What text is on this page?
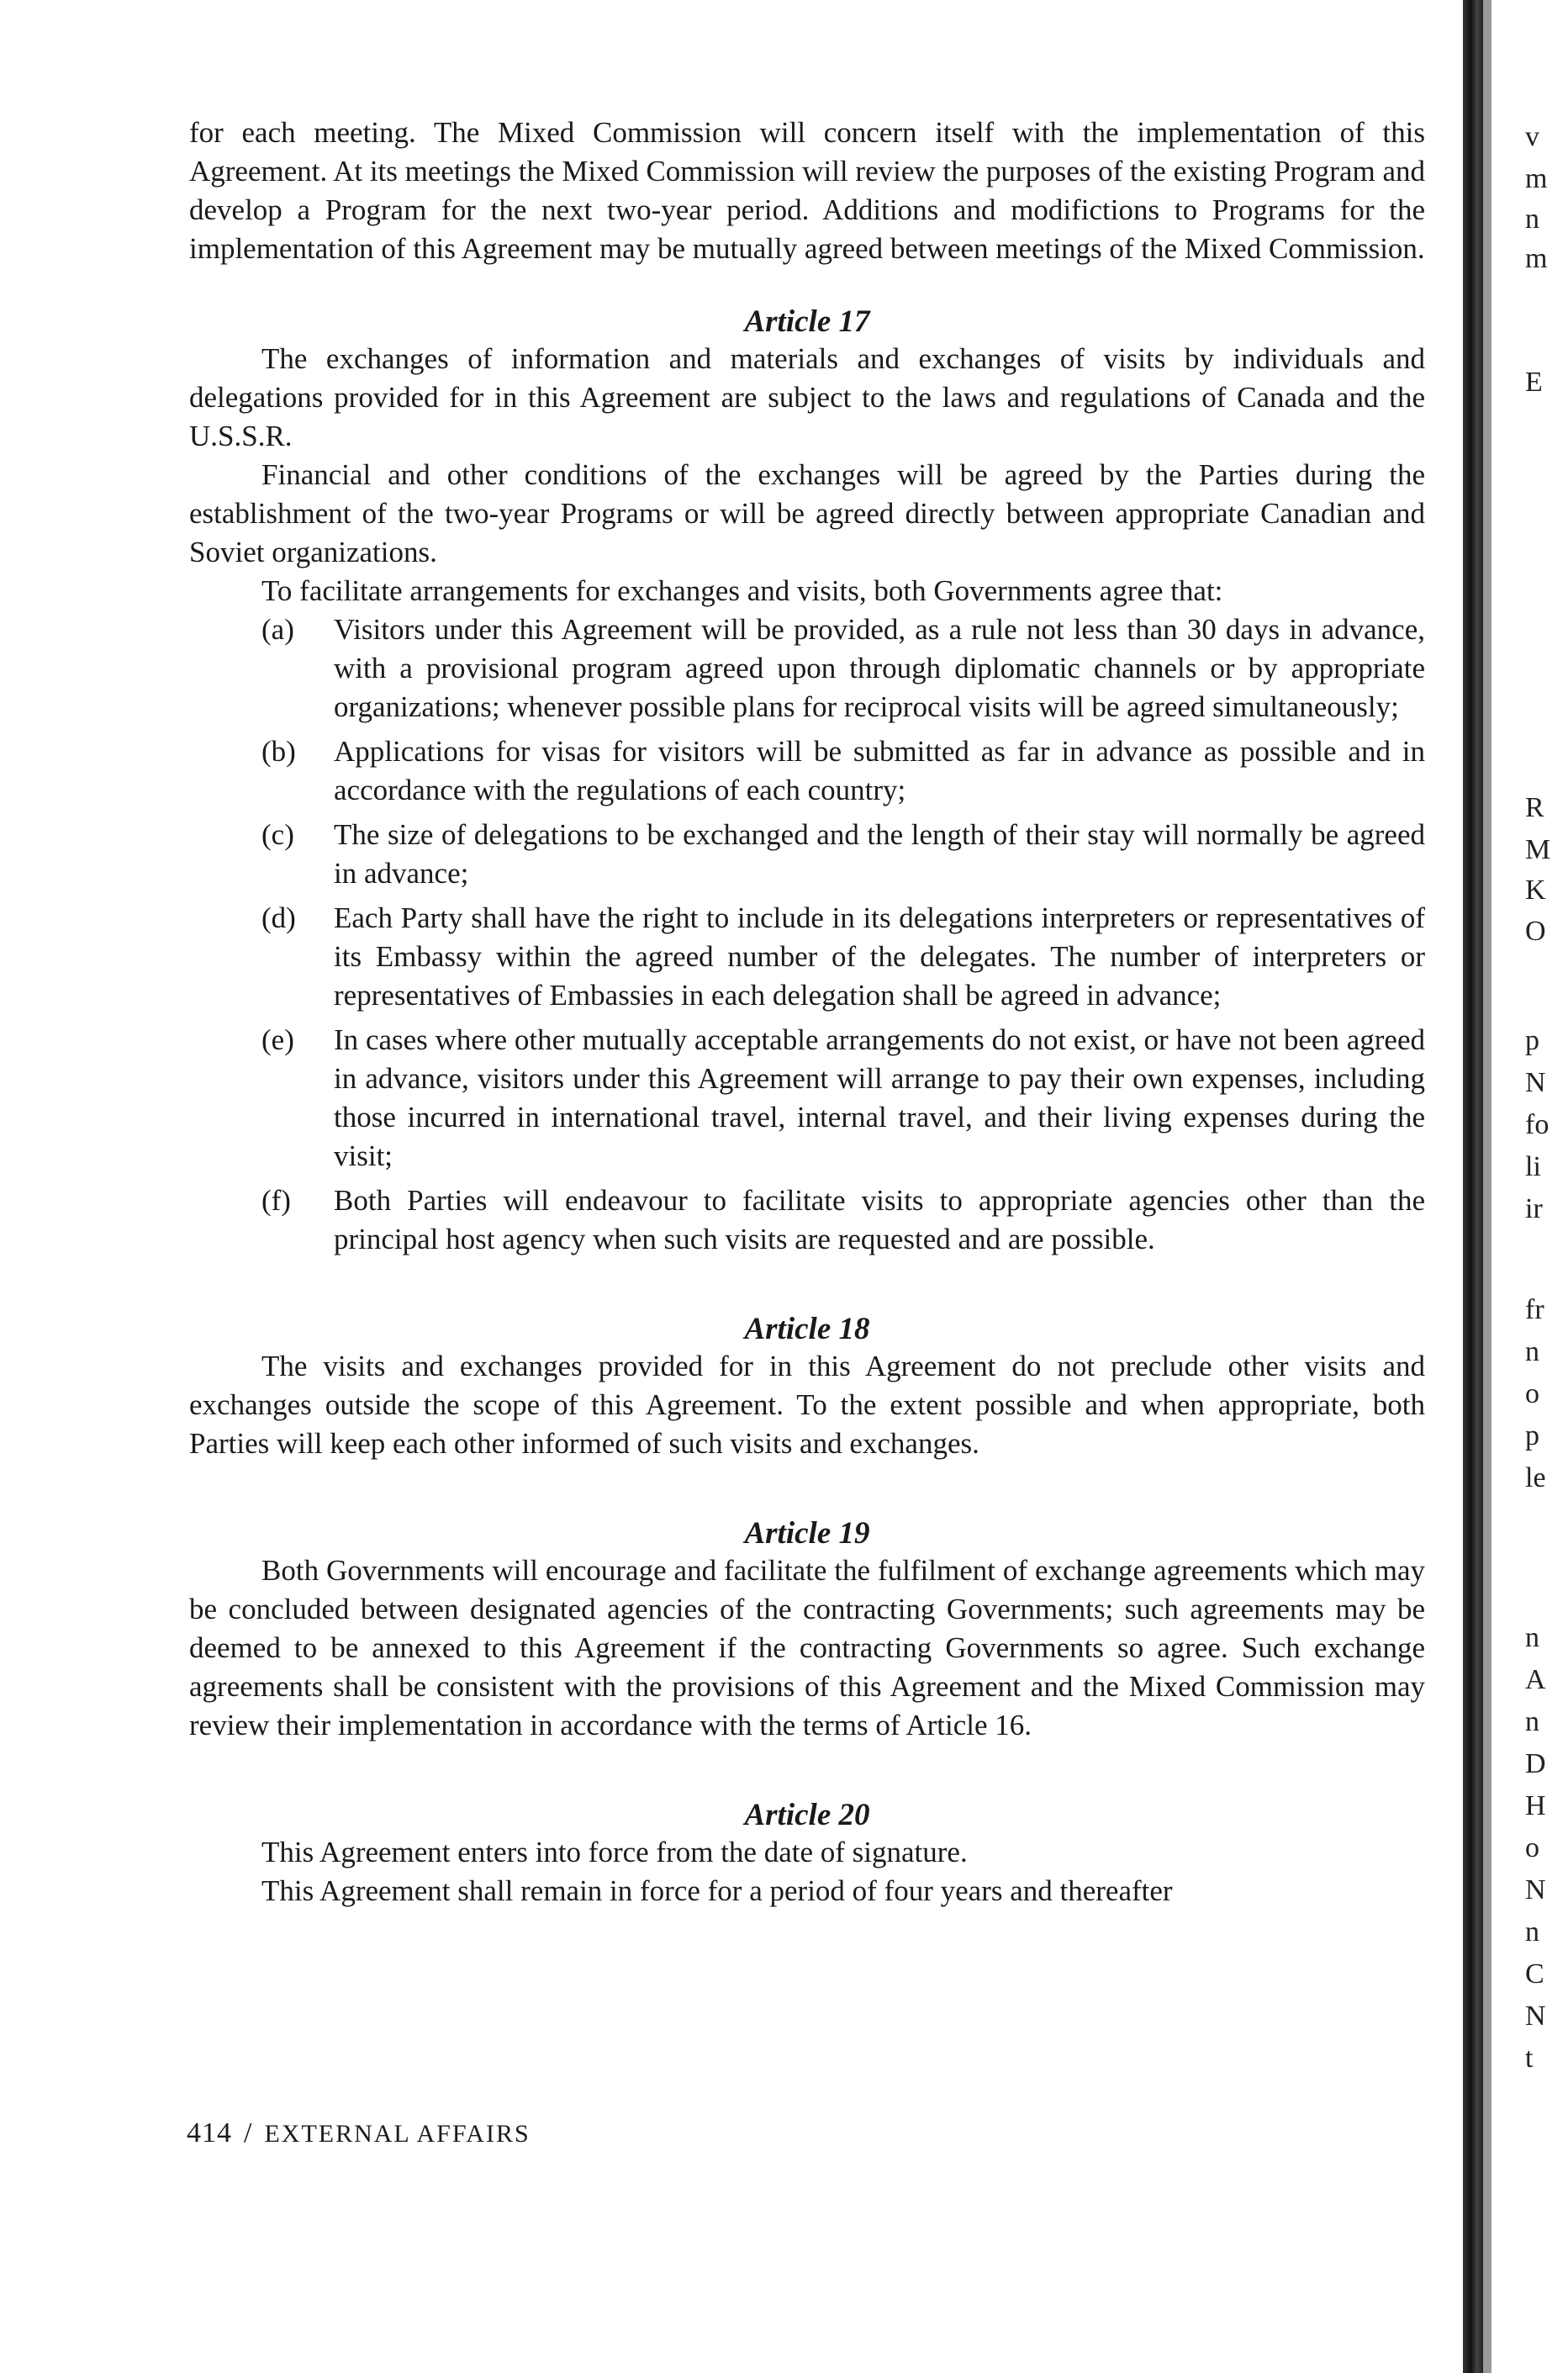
for each meeting. The Mixed Commission will concern itself with the implementation of this Agreement. At its meetings the Mixed Commission will review the purposes of the existing Program and develop a Program for the next two-year period. Additions and modifictions to Programs for the implementation of this Agreement may be mutually agreed between meetings of the Mixed Commission.

Article 17

The exchanges of information and materials and exchanges of visits by individuals and delegations provided for in this Agreement are subject to the laws and regulations of Canada and the U.S.S.R.

Financial and other conditions of the exchanges will be agreed by the Parties during the establishment of the two-year Programs or will be agreed directly between appropriate Canadian and Soviet organizations.

To facilitate arrangements for exchanges and visits, both Governments agree that:

(a)	Visitors under this Agreement will be provided, as a rule not less than 30 days in advance, with a provisional program agreed upon through diplomatic channels or by appropriate organizations; whenever possible plans for reciprocal visits will be agreed simultaneously;
(b)	Applications for visas for visitors will be submitted as far in advance as possible and in accordance with the regulations of each country;
(c)	The size of delegations to be exchanged and the length of their stay will normally be agreed in advance;
(d)	Each Party shall have the right to include in its delegations interpreters or representatives of its Embassy within the agreed number of the delegates. The number of interpreters or representatives of Embassies in each delegation shall be agreed in advance;
(e)	In cases where other mutually acceptable arrangements do not exist, or have not been agreed in advance, visitors under this Agreement will arrange to pay their own expenses, including those incurred in international travel, internal travel, and their living expenses during the visit;
(f)	Both Parties will endeavour to facilitate visits to appropriate agencies other than the principal host agency when such visits are requested and are possible.
Article 18

The visits and exchanges provided for in this Agreement do not preclude other visits and exchanges outside the scope of this Agreement. To the extent possible and when appropriate, both Parties will keep each other informed of such visits and exchanges.

Article 19

Both Governments will encourage and facilitate the fulfilment of exchange agreements which may be concluded between designated agencies of the contracting Governments; such agreements may be deemed to be annexed to this Agreement if the contracting Governments so agree. Such exchange agreements shall be consistent with the provisions of this Agreement and the Mixed Commission may review their implementation in accordance with the terms of Article 16.

Article 20

This Agreement enters into force from the date of signature.

This Agreement shall remain in force for a period of four years and thereafter

414 / EXTERNAL AFFAIRS
v
m
n
m
E
R
M
K
O
p
N
fo
li
ir
fr
n
o
p
le
n
A
n
D
H
o
N
n
C
N
t
